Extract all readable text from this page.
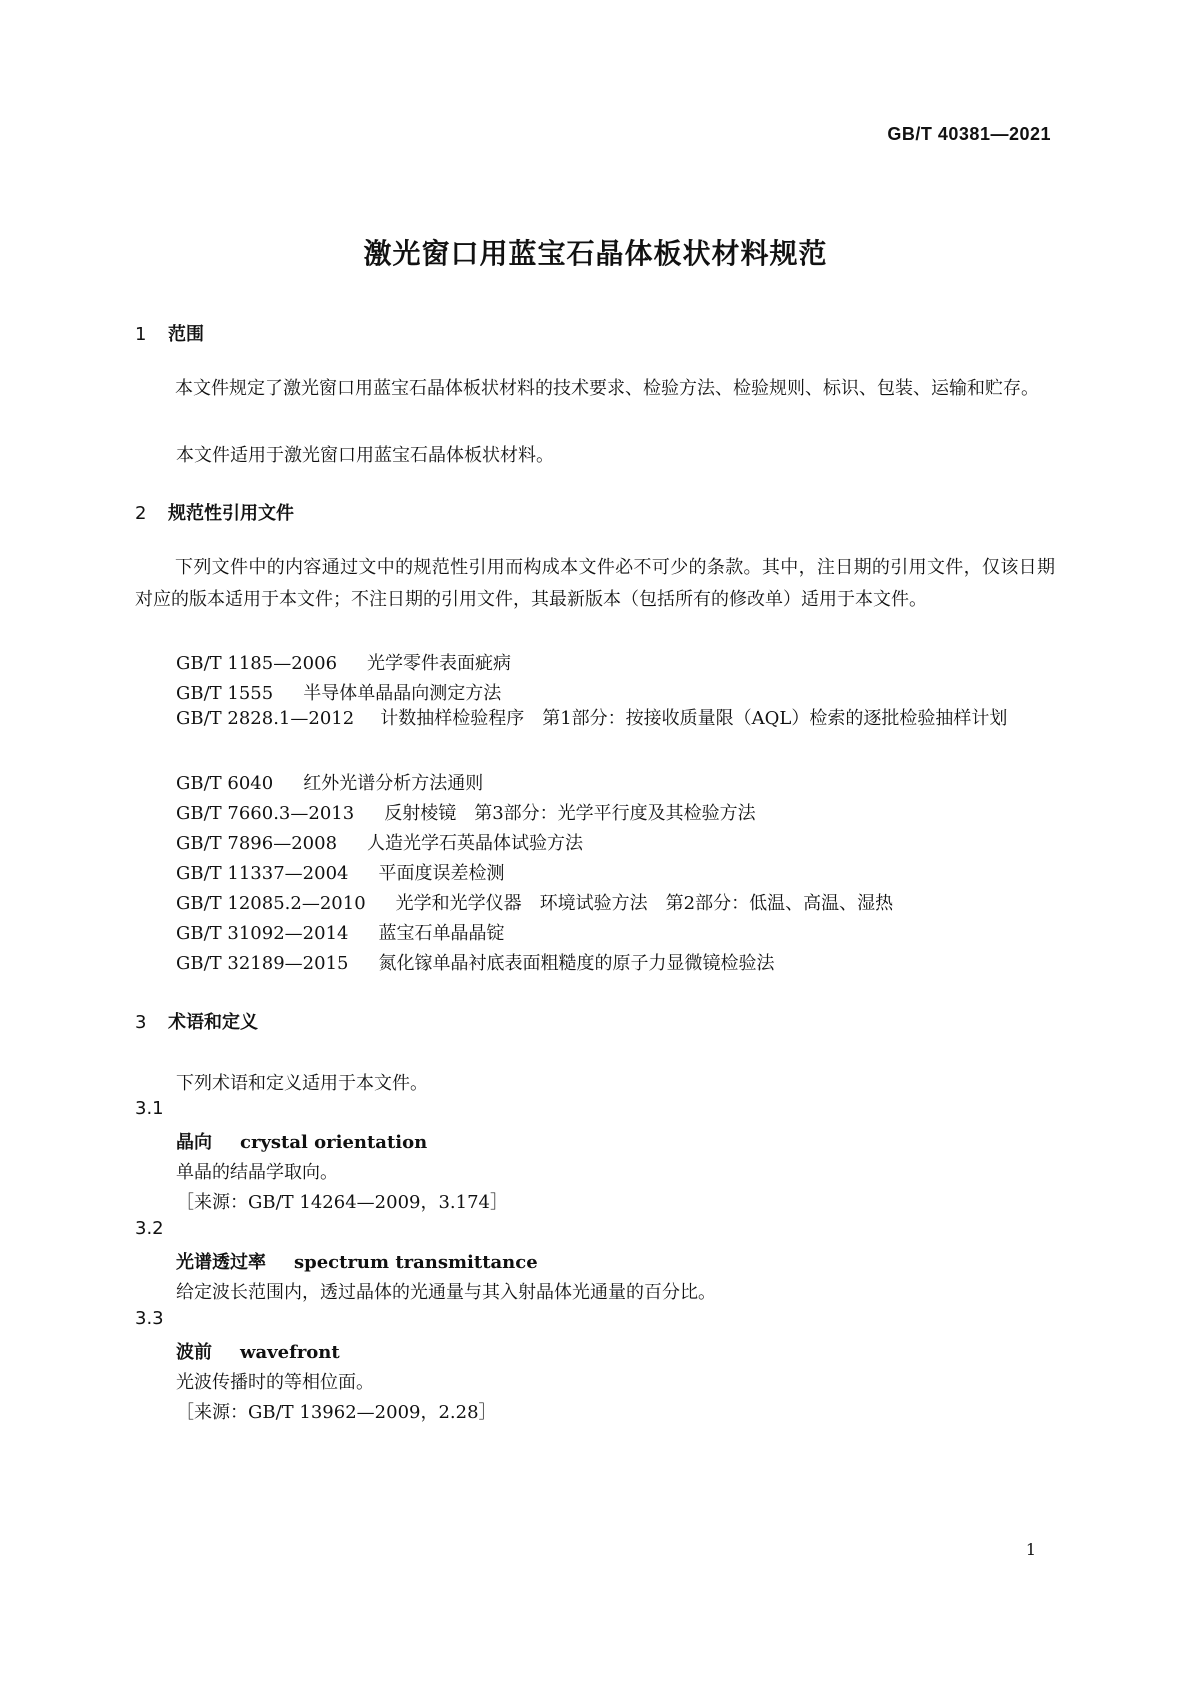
GB/T 40381—2021
激光窗口用蓝宝石晶体板状材料规范
1 范围
本文件规定了激光窗口用蓝宝石晶体板状材料的技术要求、检验方法、检验规则、标识、包装、运输和贮存。
本文件适用于激光窗口用蓝宝石晶体板状材料。
2 规范性引用文件
下列文件中的内容通过文中的规范性引用而构成本文件必不可少的条款。其中，注日期的引用文件，仅该日期对应的版本适用于本文件；不注日期的引用文件，其最新版本（包括所有的修改单）适用于本文件。
GB/T 1185—2006 光学零件表面疵病
GB/T 1555 半导体单晶晶向测定方法
GB/T 2828.1—2012 计数抽样检验程序　第1部分：按接收质量限（AQL）检索的逐批检验抽样计划
GB/T 6040 红外光谱分析方法通则
GB/T 7660.3—2013 反射棱镜　第3部分：光学平行度及其检验方法
GB/T 7896—2008 人造光学石英晶体试验方法
GB/T 11337—2004 平面度误差检测
GB/T 12085.2—2010 光学和光学仪器　环境试验方法　第2部分：低温、高温、湿热
GB/T 31092—2014 蓝宝石单晶晶锭
GB/T 32189—2015 氮化镓单晶衬底表面粗糙度的原子力显微镜检验法
3 术语和定义
下列术语和定义适用于本文件。
3.1
晶向 crystal orientation
单晶的结晶学取向。
［来源：GB/T 14264—2009，3.174］
3.2
光谱透过率 spectrum transmittance
给定波长范围内，透过晶体的光通量与其入射晶体光通量的百分比。
3.3
波前 wavefront
光波传播时的等相位面。
［来源：GB/T 13962—2009，2.28］
1
